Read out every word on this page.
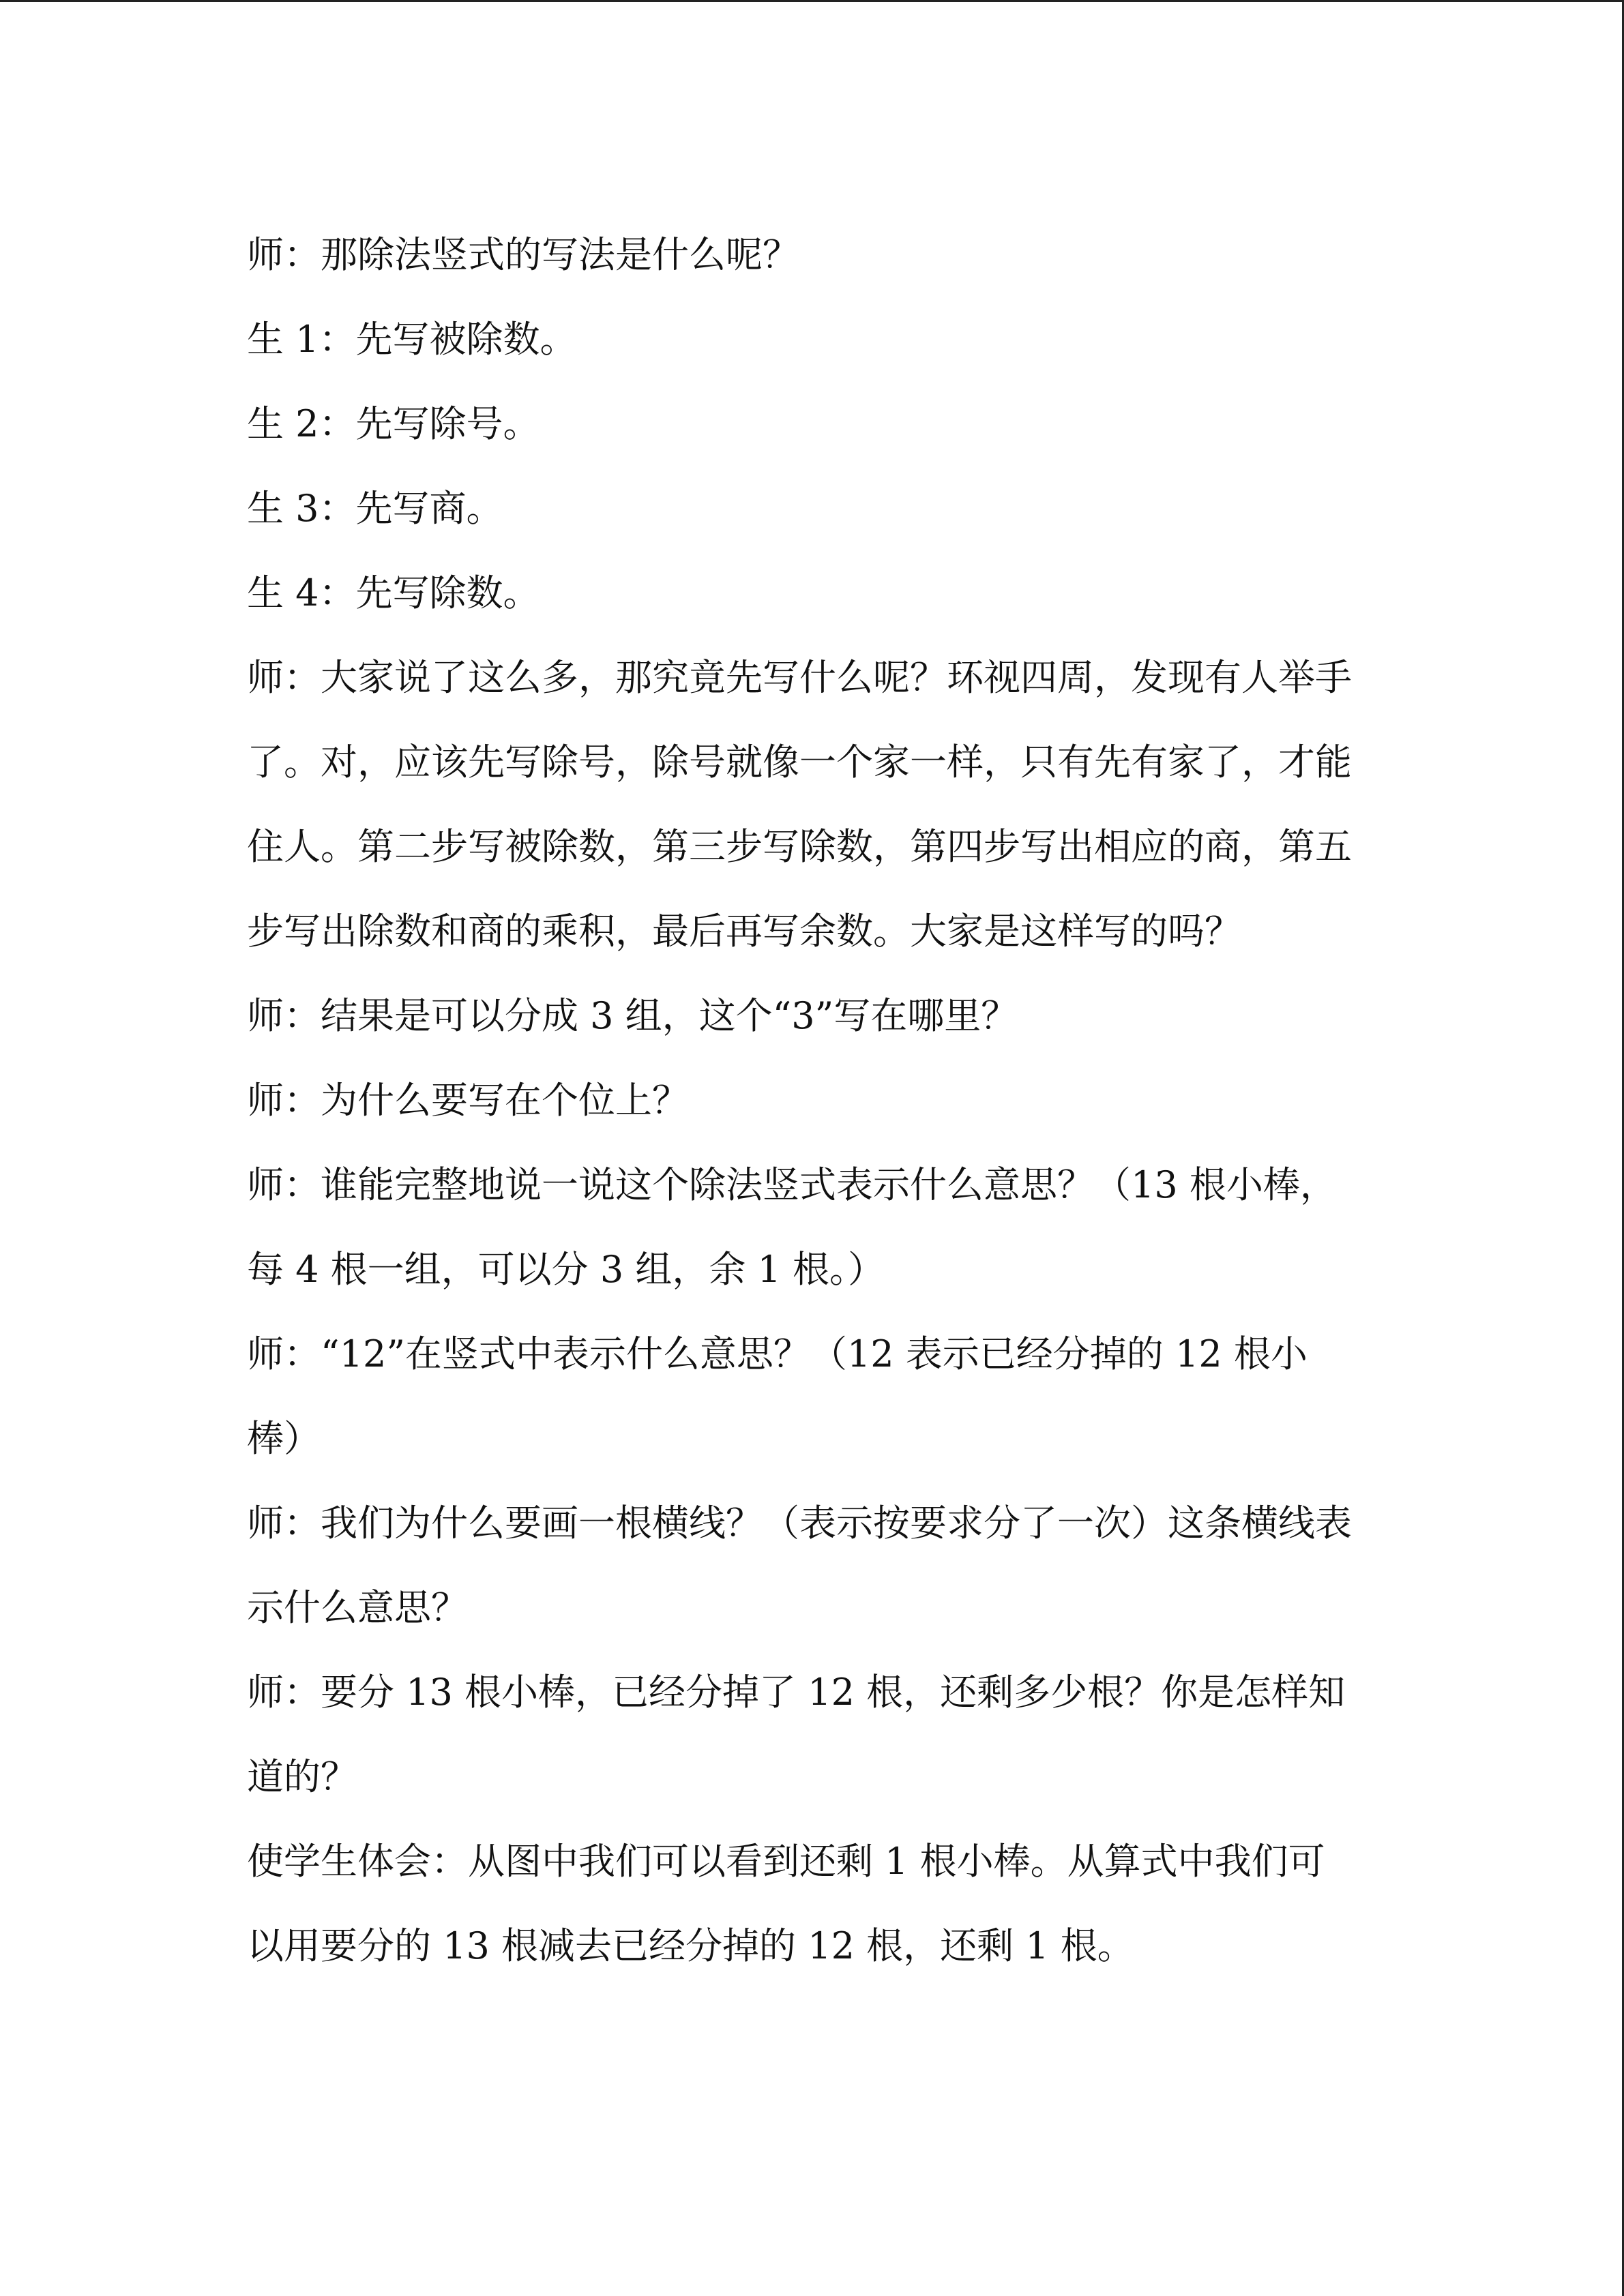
师：那除法竖式的写法是什么呢？

生 1：先写被除数。

生 2：先写除号。

生 3：先写商。

生 4：先写除数。

师：大家说了这么多，那究竟先写什么呢？环视四周，发现有人举手了。对，应该先写除号，除号就像一个家一样，只有先有家了，才能住人。第二步写被除数，第三步写除数，第四步写出相应的商，第五步写出除数和商的乘积，最后再写余数。大家是这样写的吗？

师：结果是可以分成 3 组，这个“3”写在哪里？

师：为什么要写在个位上？

师：谁能完整地说一说这个除法竖式表示什么意思？（13 根小棒，每 4 根一组，可以分 3 组，余 1 根。）

师：“12”在竖式中表示什么意思？（12 表示已经分掉的 12 根小棒）

师：我们为什么要画一根横线？（表示按要求分了一次）这条横线表示什么意思？

师：要分 13 根小棒，已经分掉了 12 根，还剩多少根？你是怎样知道的？

使学生体会：从图中我们可以看到还剩 1 根小棒。从算式中我们可以用要分的 13 根减去已经分掉的 12 根，还剩 1 根。
